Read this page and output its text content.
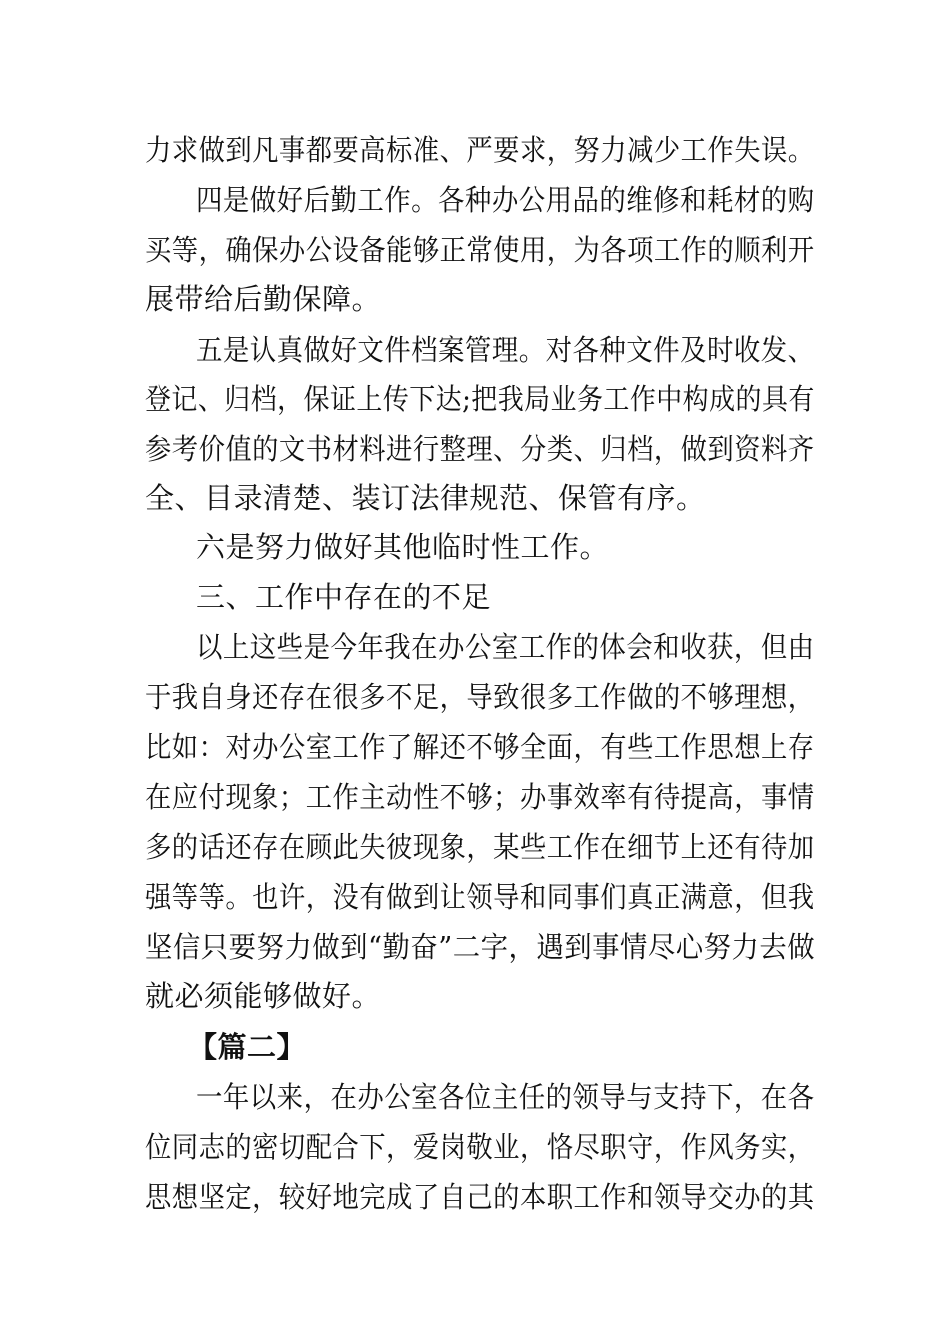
力求做到凡事都要高标准、严要求，努力减少工作失误。
四是做好后勤工作。各种办公用品的维修和耗材的购
买等，确保办公设备能够正常使用，为各项工作的顺利开
展带给后勤保障。
五是认真做好文件档案管理。对各种文件及时收发、
登记、归档，保证上传下达;把我局业务工作中构成的具有
参考价值的文书材料进行整理、分类、归档，做到资料齐
全、目录清楚、装订法律规范、保管有序。
六是努力做好其他临时性工作。
三、工作中存在的不足
以上这些是今年我在办公室工作的体会和收获，但由
于我自身还存在很多不足，导致很多工作做的不够理想，
比如：对办公室工作了解还不够全面，有些工作思想上存
在应付现象；工作主动性不够；办事效率有待提高，事情
多的话还存在顾此失彼现象，某些工作在细节上还有待加
强等等。也许，没有做到让领导和同事们真正满意，但我
坚信只要努力做到“勤奋”二字，遇到事情尽心努力去做
就必须能够做好。
【篇二】
一年以来，在办公室各位主任的领导与支持下，在各
位同志的密切配合下，爱岗敬业，恪尽职守，作风务实，
思想坚定，较好地完成了自己的本职工作和领导交办的其
